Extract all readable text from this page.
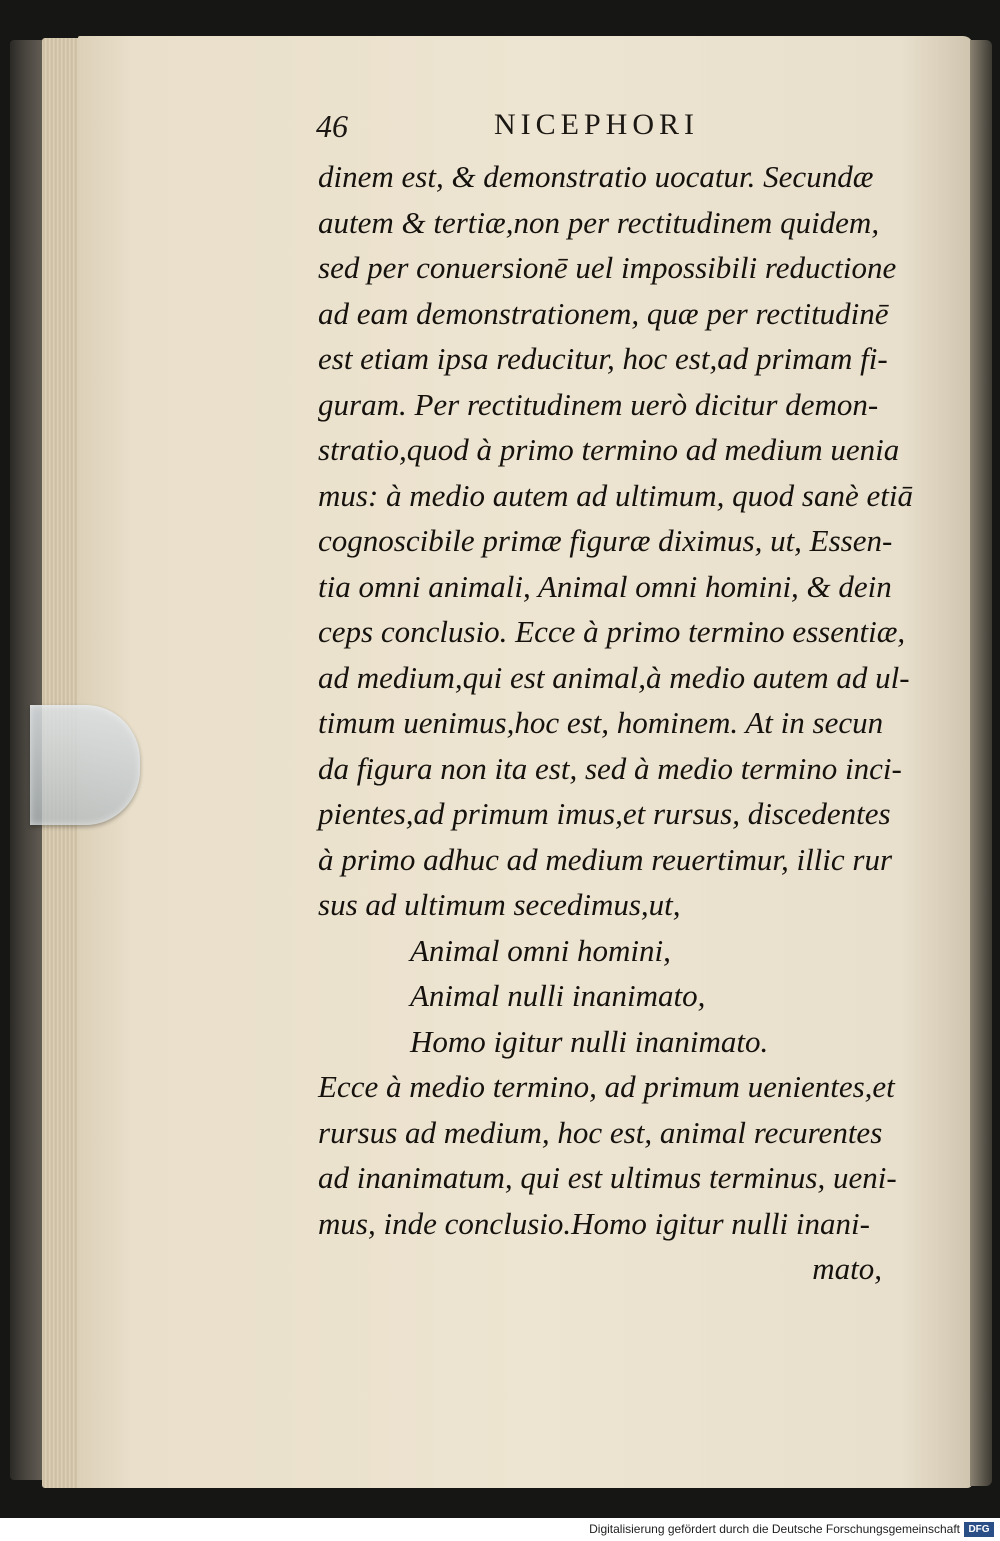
46	NICEPHORI
dinem est, & demonstratio uocatur. Secundæ
autem & tertiæ,non per rectitudinem quidem,
sed per conuersionē uel impossibili reductione
ad eam demonstrationem, quæ per rectitudinē
est etiam ipsa reducitur, hoc est,ad primam fi-
guram. Per rectitudinem uerò dicitur demon-
stratio,quod à primo termino ad medium uenia
mus: à medio autem ad ultimum, quod sanè etiā
cognoscibile primæ figuræ diximus, ut, Essen-
tia omni animali, Animal omni homini, & dein
ceps conclusio. Ecce à primo termino essentiæ,
ad medium,qui est animal,à medio autem ad ul-
timum uenimus,hoc est, hominem. At in secun
da figura non ita est, sed à medio termino inci-
pientes,ad primum imus,et rursus, discedentes
à primo adhuc ad medium reuertimur, illic rur
sus ad ultimum secedimus,ut,
Animal omni homini,
Animal nulli inanimato,
Homo igitur nulli inanimato.
Ecce à medio termino, ad primum uenientes,et
rursus ad medium, hoc est, animal recurentes
ad inanimatum, qui est ultimus terminus, ueni-
mus, inde conclusio.Homo igitur nulli inani-
mato,
Digitalisierung gefördert durch die Deutsche Forschungsgemeinschaft DFG
